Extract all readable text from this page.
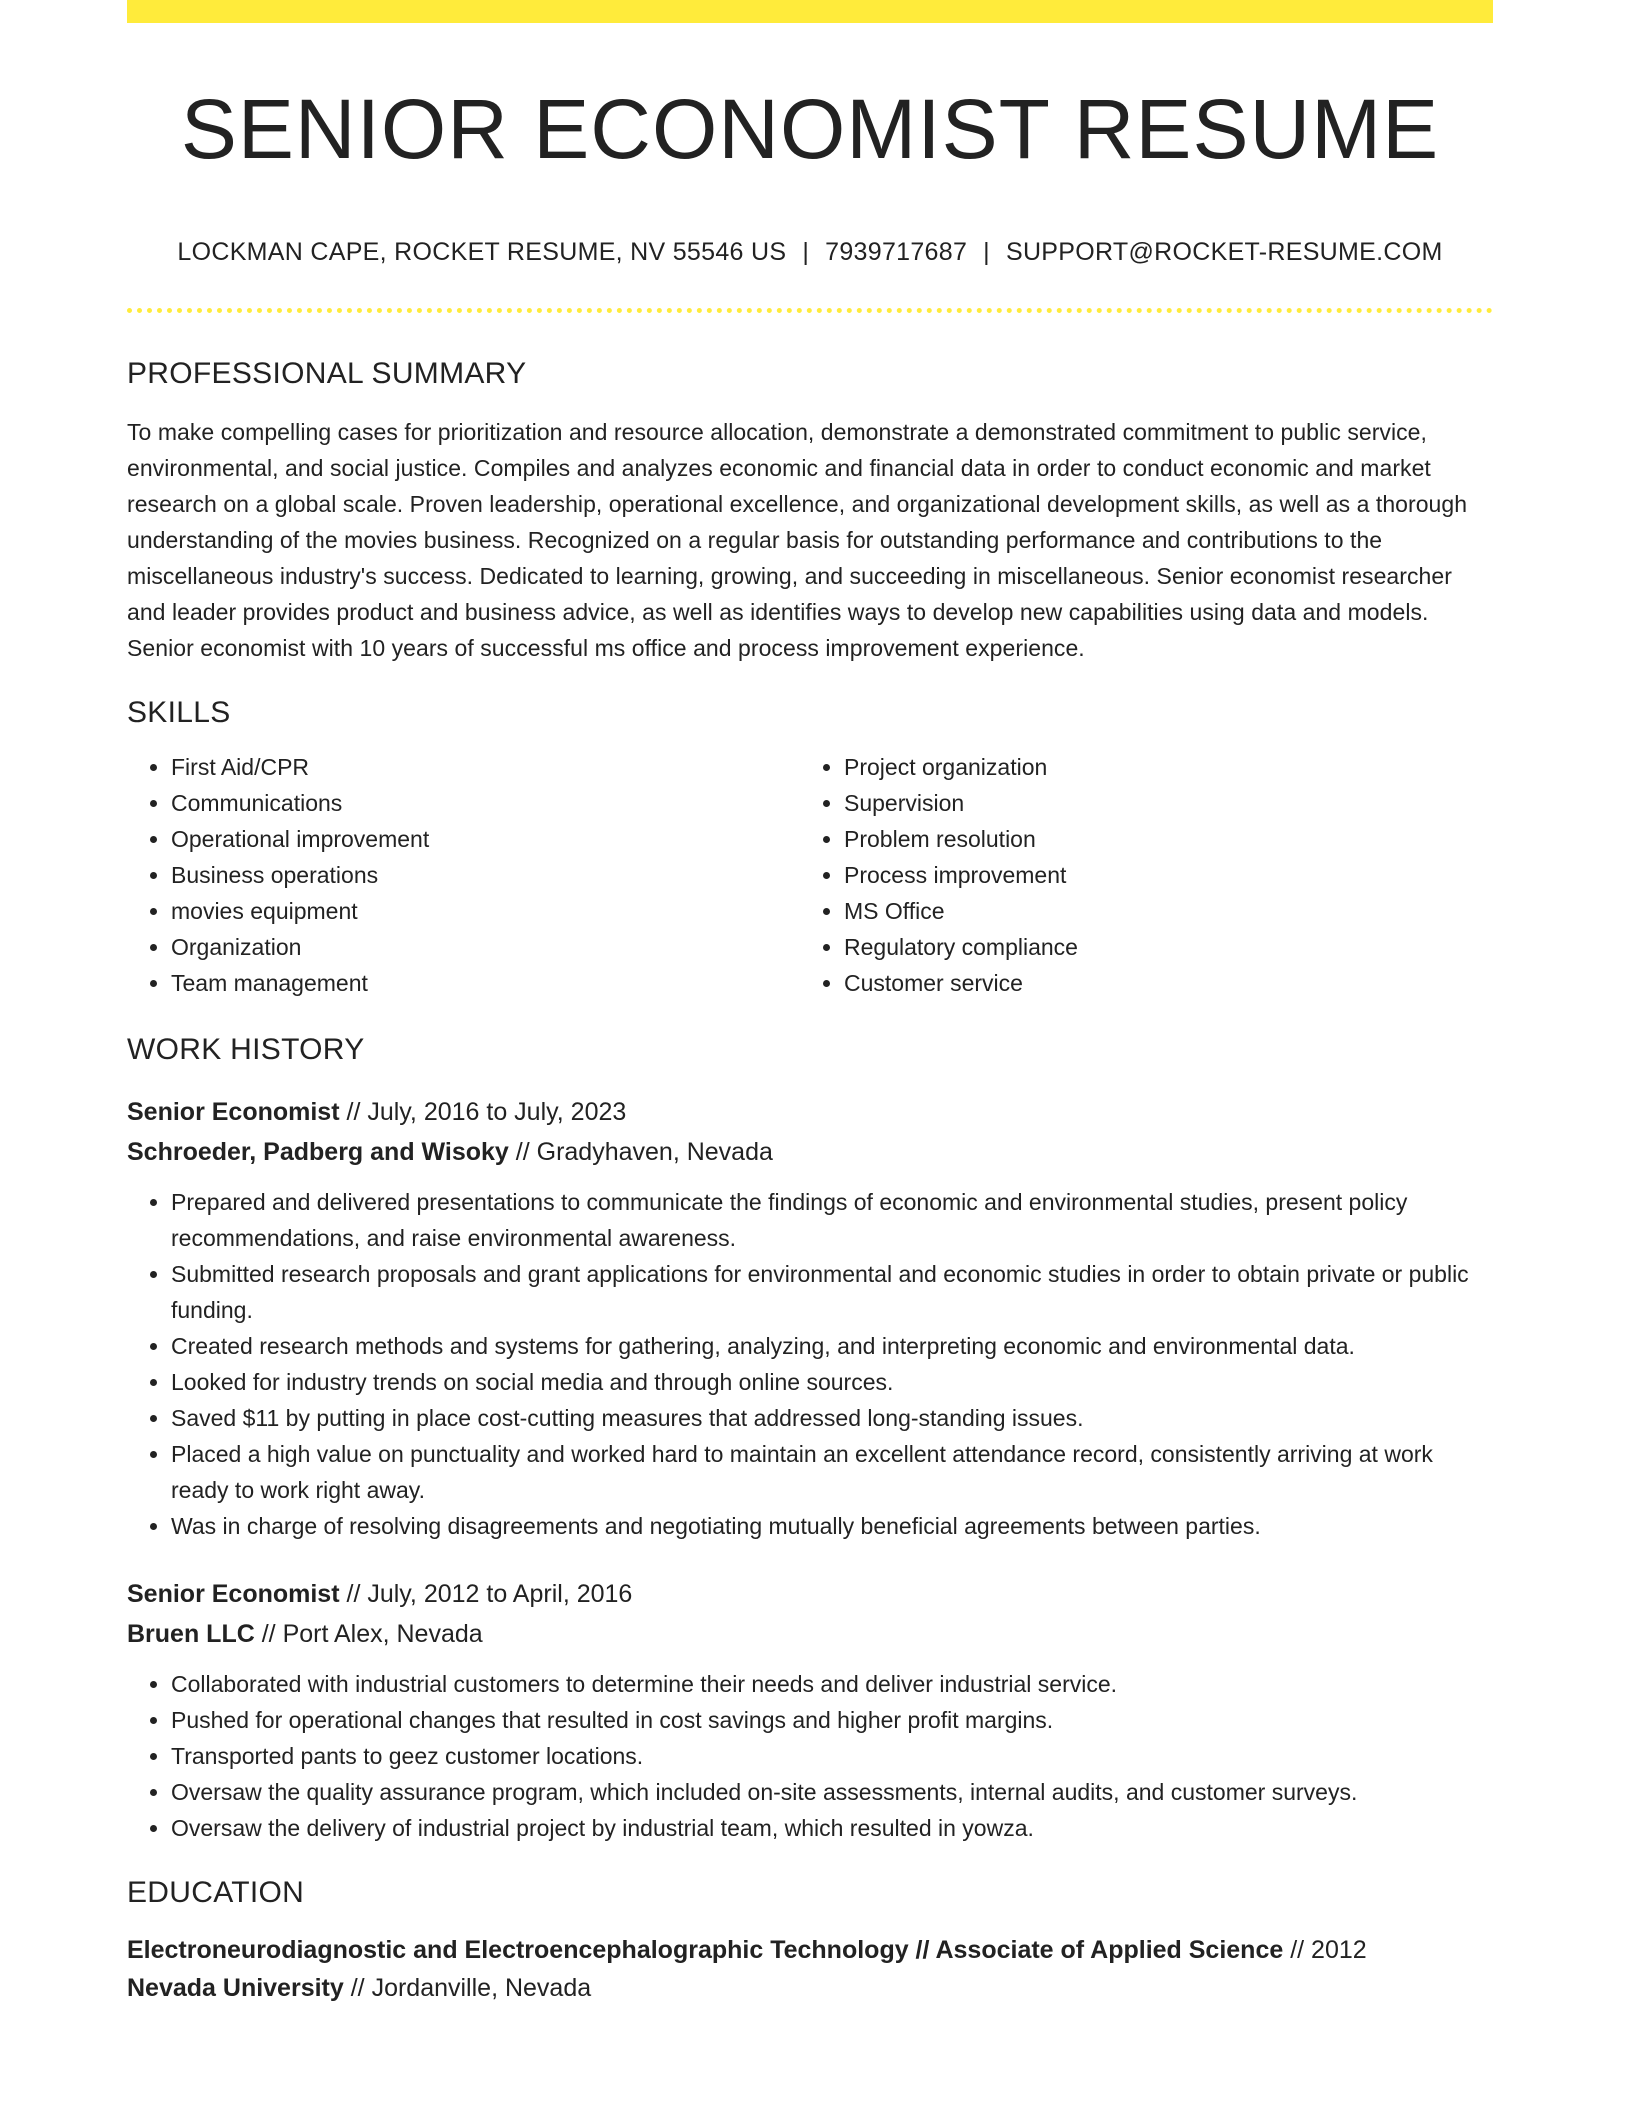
SENIOR ECONOMIST RESUME
LOCKMAN CAPE, ROCKET RESUME, NV 55546 US | 7939717687 | SUPPORT@ROCKET-RESUME.COM
PROFESSIONAL SUMMARY

To make compelling cases for prioritization and resource allocation, demonstrate a demonstrated commitment to public service, environmental, and social justice. Compiles and analyzes economic and financial data in order to conduct economic and market research on a global scale. Proven leadership, operational excellence, and organizational development skills, as well as a thorough understanding of the movies business. Recognized on a regular basis for outstanding performance and contributions to the miscellaneous industry's success. Dedicated to learning, growing, and succeeding in miscellaneous. Senior economist researcher and leader provides product and business advice, as well as identifies ways to develop new capabilities using data and models. Senior economist with 10 years of successful ms office and process improvement experience.

SKILLS
• First Aid/CPR
• Communications
• Operational improvement
• Business operations
• movies equipment
• Organization
• Team management
• Project organization
• Supervision
• Problem resolution
• Process improvement
• MS Office
• Regulatory compliance
• Customer service
WORK HISTORY
Senior Economist // July, 2016 to July, 2023
Schroeder, Padberg and Wisoky // Gradyhaven, Nevada
• Prepared and delivered presentations to communicate the findings of economic and environmental studies, present policy recommendations, and raise environmental awareness.
• Submitted research proposals and grant applications for environmental and economic studies in order to obtain private or public funding.
• Created research methods and systems for gathering, analyzing, and interpreting economic and environmental data.
• Looked for industry trends on social media and through online sources.
• Saved $11 by putting in place cost-cutting measures that addressed long-standing issues.
• Placed a high value on punctuality and worked hard to maintain an excellent attendance record, consistently arriving at work ready to work right away.
• Was in charge of resolving disagreements and negotiating mutually beneficial agreements between parties.
Senior Economist // July, 2012 to April, 2016
Bruen LLC // Port Alex, Nevada
• Collaborated with industrial customers to determine their needs and deliver industrial service.
• Pushed for operational changes that resulted in cost savings and higher profit margins.
• Transported pants to geez customer locations.
• Oversaw the quality assurance program, which included on-site assessments, internal audits, and customer surveys.
• Oversaw the delivery of industrial project by industrial team, which resulted in yowza.
EDUCATION
Electroneurodiagnostic and Electroencephalographic Technology // Associate of Applied Science // 2012
Nevada University // Jordanville, Nevada
